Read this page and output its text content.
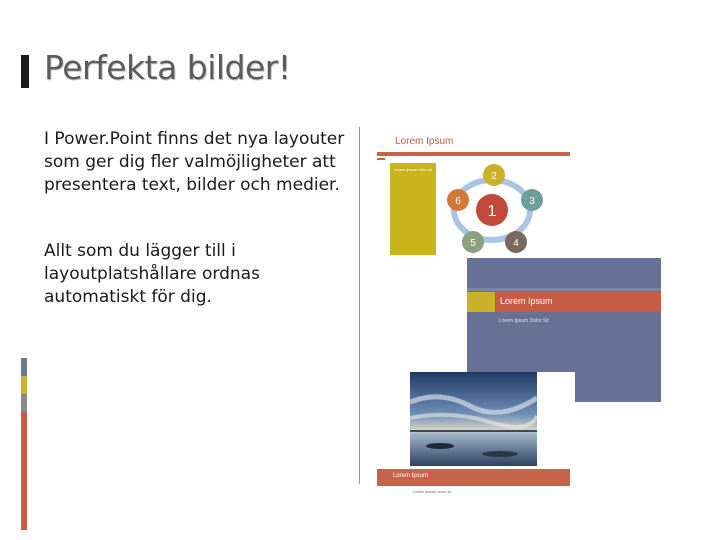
Perfekta bilder!

I Power.Point finns det nya layouter som ger dig fler valmöjligheter att presentera text, bilder och medier.

Allt som du lägger till i layoutplatshållare ordnas automatiskt för dig.

Lorem Ipsum
Lorem ipsum dolor sit
1
2
3
4
5
6
Lorem Ipsum
Lorem Ipsum Dolor Sit
Lorem Ipsum
Lorem ipsum dolor sit
